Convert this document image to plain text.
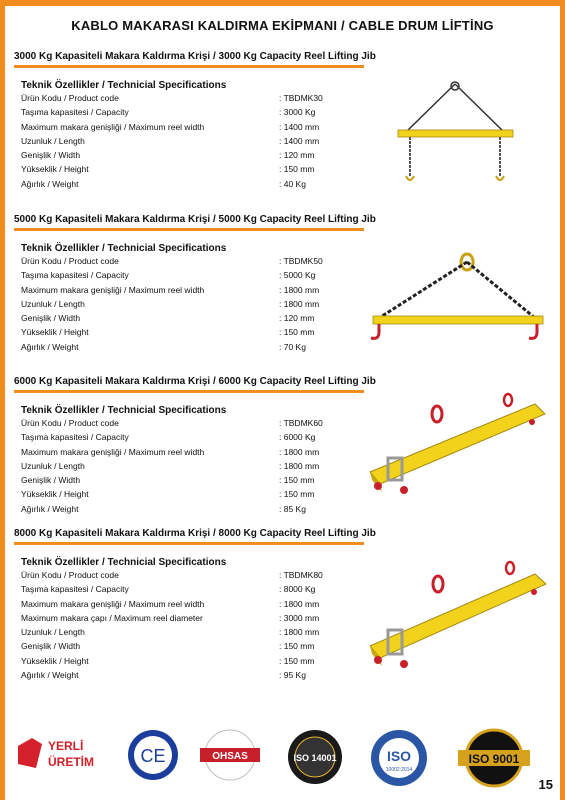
KABLO MAKARASI KALDIRMA EKİPMANI / CABLE DRUM LİFTİNG
3000 Kg Kapasiteli Makara Kaldırma Krişi / 3000 Kg Capacity Reel Lifting Jib
Teknik Özellikler / Technicial Specifications
Ürün Kodu / Product code	: TBDMK30
Taşıma kapasitesi / Capacity	: 3000 Kg
Maximum makara genişliği / Maximum reel width	: 1400 mm
Uzunluk / Length	: 1400 mm
Genişlik / Width	: 120 mm
Yükseklik / Height	: 150 mm
Ağırlık / Weight	: 40 Kg
5000 Kg Kapasiteli Makara Kaldırma Krişi / 5000 Kg Capacity Reel Lifting Jib
Teknik Özellikler / Technicial Specifications
Ürün Kodu / Product code	: TBDMK50
Taşıma kapasitesi / Capacity	: 5000 Kg
Maximum makara genişliği / Maximum reel width	: 1800 mm
Uzunluk / Length	: 1800 mm
Genişlik / Width	: 120 mm
Yükseklik / Height	: 150 mm
Ağırlık / Weight	: 70 Kg
6000 Kg Kapasiteli Makara Kaldırma Krişi / 6000 Kg Capacity Reel Lifting Jib
Teknik Özellikler / Technicial Specifications
Ürün Kodu / Product code	: TBDMK60
Taşıma kapasitesi / Capacity	: 6000 Kg
Maximum makara genişliği / Maximum reel width	: 1800 mm
Uzunluk / Length	: 1800 mm
Genişlik / Width	: 150 mm
Yükseklik / Height	: 150 mm
Ağırlık / Weight	: 85 Kg
8000 Kg Kapasiteli Makara Kaldırma Krişi / 8000 Kg Capacity Reel Lifting Jib
Teknik Özellikler / Technicial Specifications
Ürün Kodu / Product code	: TBDMK80
Taşıma kapasitesi / Capacity	: 8000 Kg
Maximum makara genişliği / Maximum reel width	: 1800 mm
Maximum makara çapı / Maximum reel diameter	: 3000 mm
Uzunluk / Length	: 1800 mm
Genişlik / Width	: 150 mm
Yükseklik / Height	: 150 mm
Ağırlık / Weight	: 95 Kg
YERLİ
ÜRETİM	CE	OHSAS	ISO 14001	ISO
10002:2014
ISO 9001
15
